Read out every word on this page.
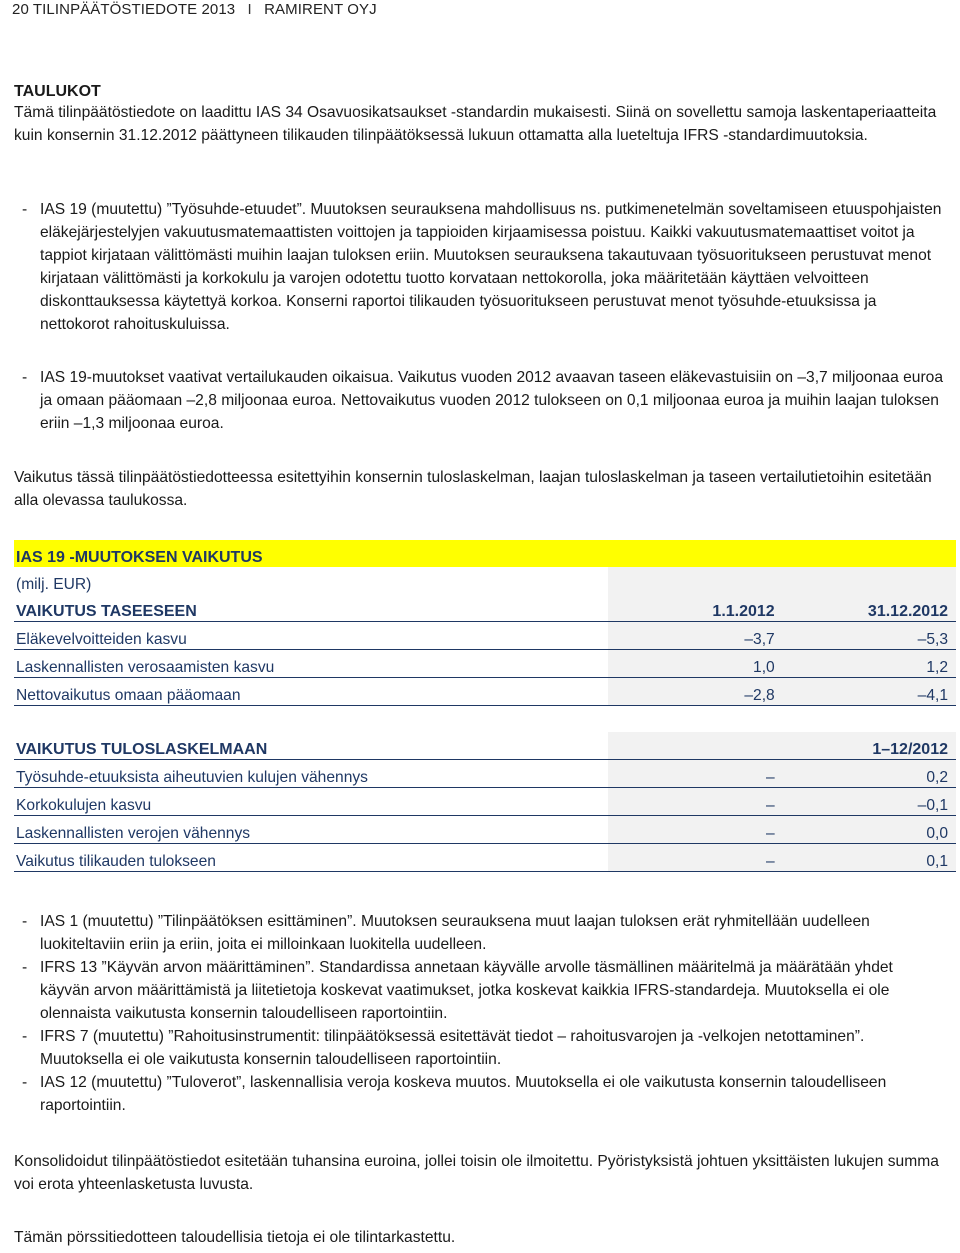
20 TILINPÄÄTÖSTIEDOTE 2013 I RAMIRENT OYJ
TAULUKOT
Tämä tilinpäätöstiedote on laadittu IAS 34 Osavuosikatsaukset -standardin mukaisesti. Siinä on sovellettu samoja laskentaperiaatteita kuin konsernin 31.12.2012 päättyneen tilikauden tilinpäätöksessä lukuun ottamatta alla lueteltuja IFRS -standardimuutoksia.
- IAS 19 (muutettu) ”Työsuhde-etuudet”. Muutoksen seurauksena mahdollisuus ns. putkimenetelmän soveltamiseen etuuspohjaisten eläkejärjestelyjen vakuutusmatemaattisten voittojen ja tappioiden kirjaamisessa poistuu. Kaikki vakuutusmatemaattiset voitot ja tappiot kirjataan välittömästi muihin laajan tuloksen eriin. Muutoksen seurauksena takautuvaan työsuoritukseen perustuvat menot kirjataan välittömästi ja korkokulu ja varojen odotettu tuotto korvataan nettokorolla, joka määritetään käyttäen velvoitteen diskonttauksessa käytettyä korkoa. Konserni raportoi tilikauden työsuoritukseen perustuvat menot työsuhde-etuuksissa ja nettokorot rahoituskuluissa.
- IAS 19-muutokset vaativat vertailukauden oikaisua. Vaikutus vuoden 2012 avaavan taseen eläkevastuisiin on –3,7 miljoonaa euroa ja omaan pääomaan –2,8 miljoonaa euroa. Nettovaikutus vuoden 2012 tulokseen on 0,1 miljoonaa euroa ja muihin laajan tuloksen eriin –1,3 miljoonaa euroa.
Vaikutus tässä tilinpäätöstiedotteessa esitettyihin konsernin tuloslaskelman, laajan tuloslaskelman ja taseen vertailutietoihin esitetään alla olevassa taulukossa.
IAS 19 -MUUTOKSEN VAIKUTUS		
(milj. EUR)		
VAIKUTUS TASEESEEN	1.1.2012	31.12.2012
Eläkevelvoitteiden kasvu	–3,7	–5,3
Laskennallisten verosaamisten kasvu	1,0	1,2
Nettovaikutus omaan pääomaan	–2,8	–4,1

VAIKUTUS TULOSLASKELMAAN		1–12/2012
Työsuhde-etuuksista aiheutuvien kulujen vähennys	–	0,2
Korkokulujen kasvu	–	–0,1
Laskennallisten verojen vähennys	–	0,0
Vaikutus tilikauden tulokseen	–	0,1
- IAS 1 (muutettu) ”Tilinpäätöksen esittäminen”. Muutoksen seurauksena muut laajan tuloksen erät ryhmitellään uudelleen luokiteltaviin eriin ja eriin, joita ei milloinkaan luokitella uudelleen.
- IFRS 13 ”Käyvän arvon määrittäminen”. Standardissa annetaan käyvälle arvolle täsmällinen määritelmä ja määrätään yhdet käyvän arvon määrittämistä ja liitetietoja koskevat vaatimukset, jotka koskevat kaikkia IFRS-standardeja. Muutoksella ei ole olennaista vaikutusta konsernin taloudelliseen raportointiin.
- IFRS 7 (muutettu) ”Rahoitusinstrumentit: tilinpäätöksessä esitettävät tiedot – rahoitusvarojen ja -velkojen netottaminen”. Muutoksella ei ole vaikutusta konsernin taloudelliseen raportointiin.
- IAS 12 (muutettu) ”Tuloverot”, laskennallisia veroja koskeva muutos. Muutoksella ei ole vaikutusta konsernin taloudelliseen raportointiin.
Konsolidoidut tilinpäätöstiedot esitetään tuhansina euroina, jollei toisin ole ilmoitettu. Pyöristyksistä johtuen yksittäisten lukujen summa voi erota yhteenlasketusta luvusta.
Tämän pörssitiedotteen taloudellisia tietoja ei ole tilintarkastettu.
